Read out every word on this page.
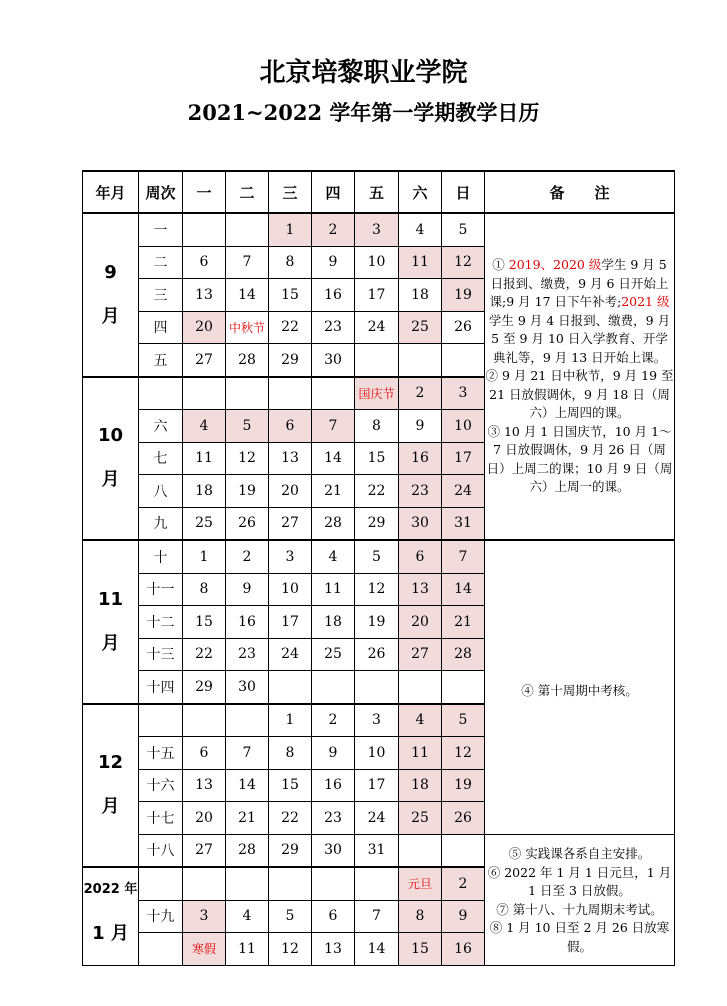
北京培黎职业学院
2021~2022 学年第一学期教学日历
年月	周次	一	二	三	四	五	六	日	备　　注

9
月	一			1	2	3	4	5	① 2019、2020 级学生 9 月 5 日报到、缴费，9 月 6 日开始上课;9 月 17 日下午补考;2021 级学生 9 月 4 日报到、缴费，9 月 5 至 9 月 10 日入学教育、开学典礼等，9 月 13 日开始上课。
② 9 月 21 日中秋节，9 月 19 至 21 日放假调休，9 月 18 日（周六）上周四的课。
③ 10 月 1 日国庆节，10 月 1～7 日放假调休，9 月 26 日（周日）上周二的课；10 月 9 日（周六）上周一的课。

	二	6	7	8	9	10	11	12	
	三	13	14	15	16	17	18	19	
	四	20	中秋节	22	23	24	25	26	
	五	27	28	29	30				

10
月						国庆节	2	3	
	六	4	5	6	7	8	9	10	
	七	11	12	13	14	15	16	17	
	八	18	19	20	21	22	23	24	
	九	25	26	27	28	29	30	31	

11
月	十	1	2	3	4	5	6	7	④ 第十周期中考核。

	十一	8	9	10	11	12	13	14	
	十二	15	16	17	18	19	20	21	
	十三	22	23	24	25	26	27	28	
	十四	29	30						

12
月				1	2	3	4	5	
	十五	6	7	8	9	10	11	12	
	十六	13	14	15	16	17	18	19	
	十七	20	21	22	23	24	25	26	
	十八	27	28	29	30	31			⑤ 实践课各系自主安排。
⑥ 2022 年 1 月 1 日元旦，1 月 1 日至 3 日放假。
⑦ 第十八、十九周期末考试。
⑧ 1 月 10 日至 2 月 26 日放寒假。

2022 年
1 月							元旦	2	
	十九	3	4	5	6	7	8	9	
		寒假	11	12	13	14	15	16	
